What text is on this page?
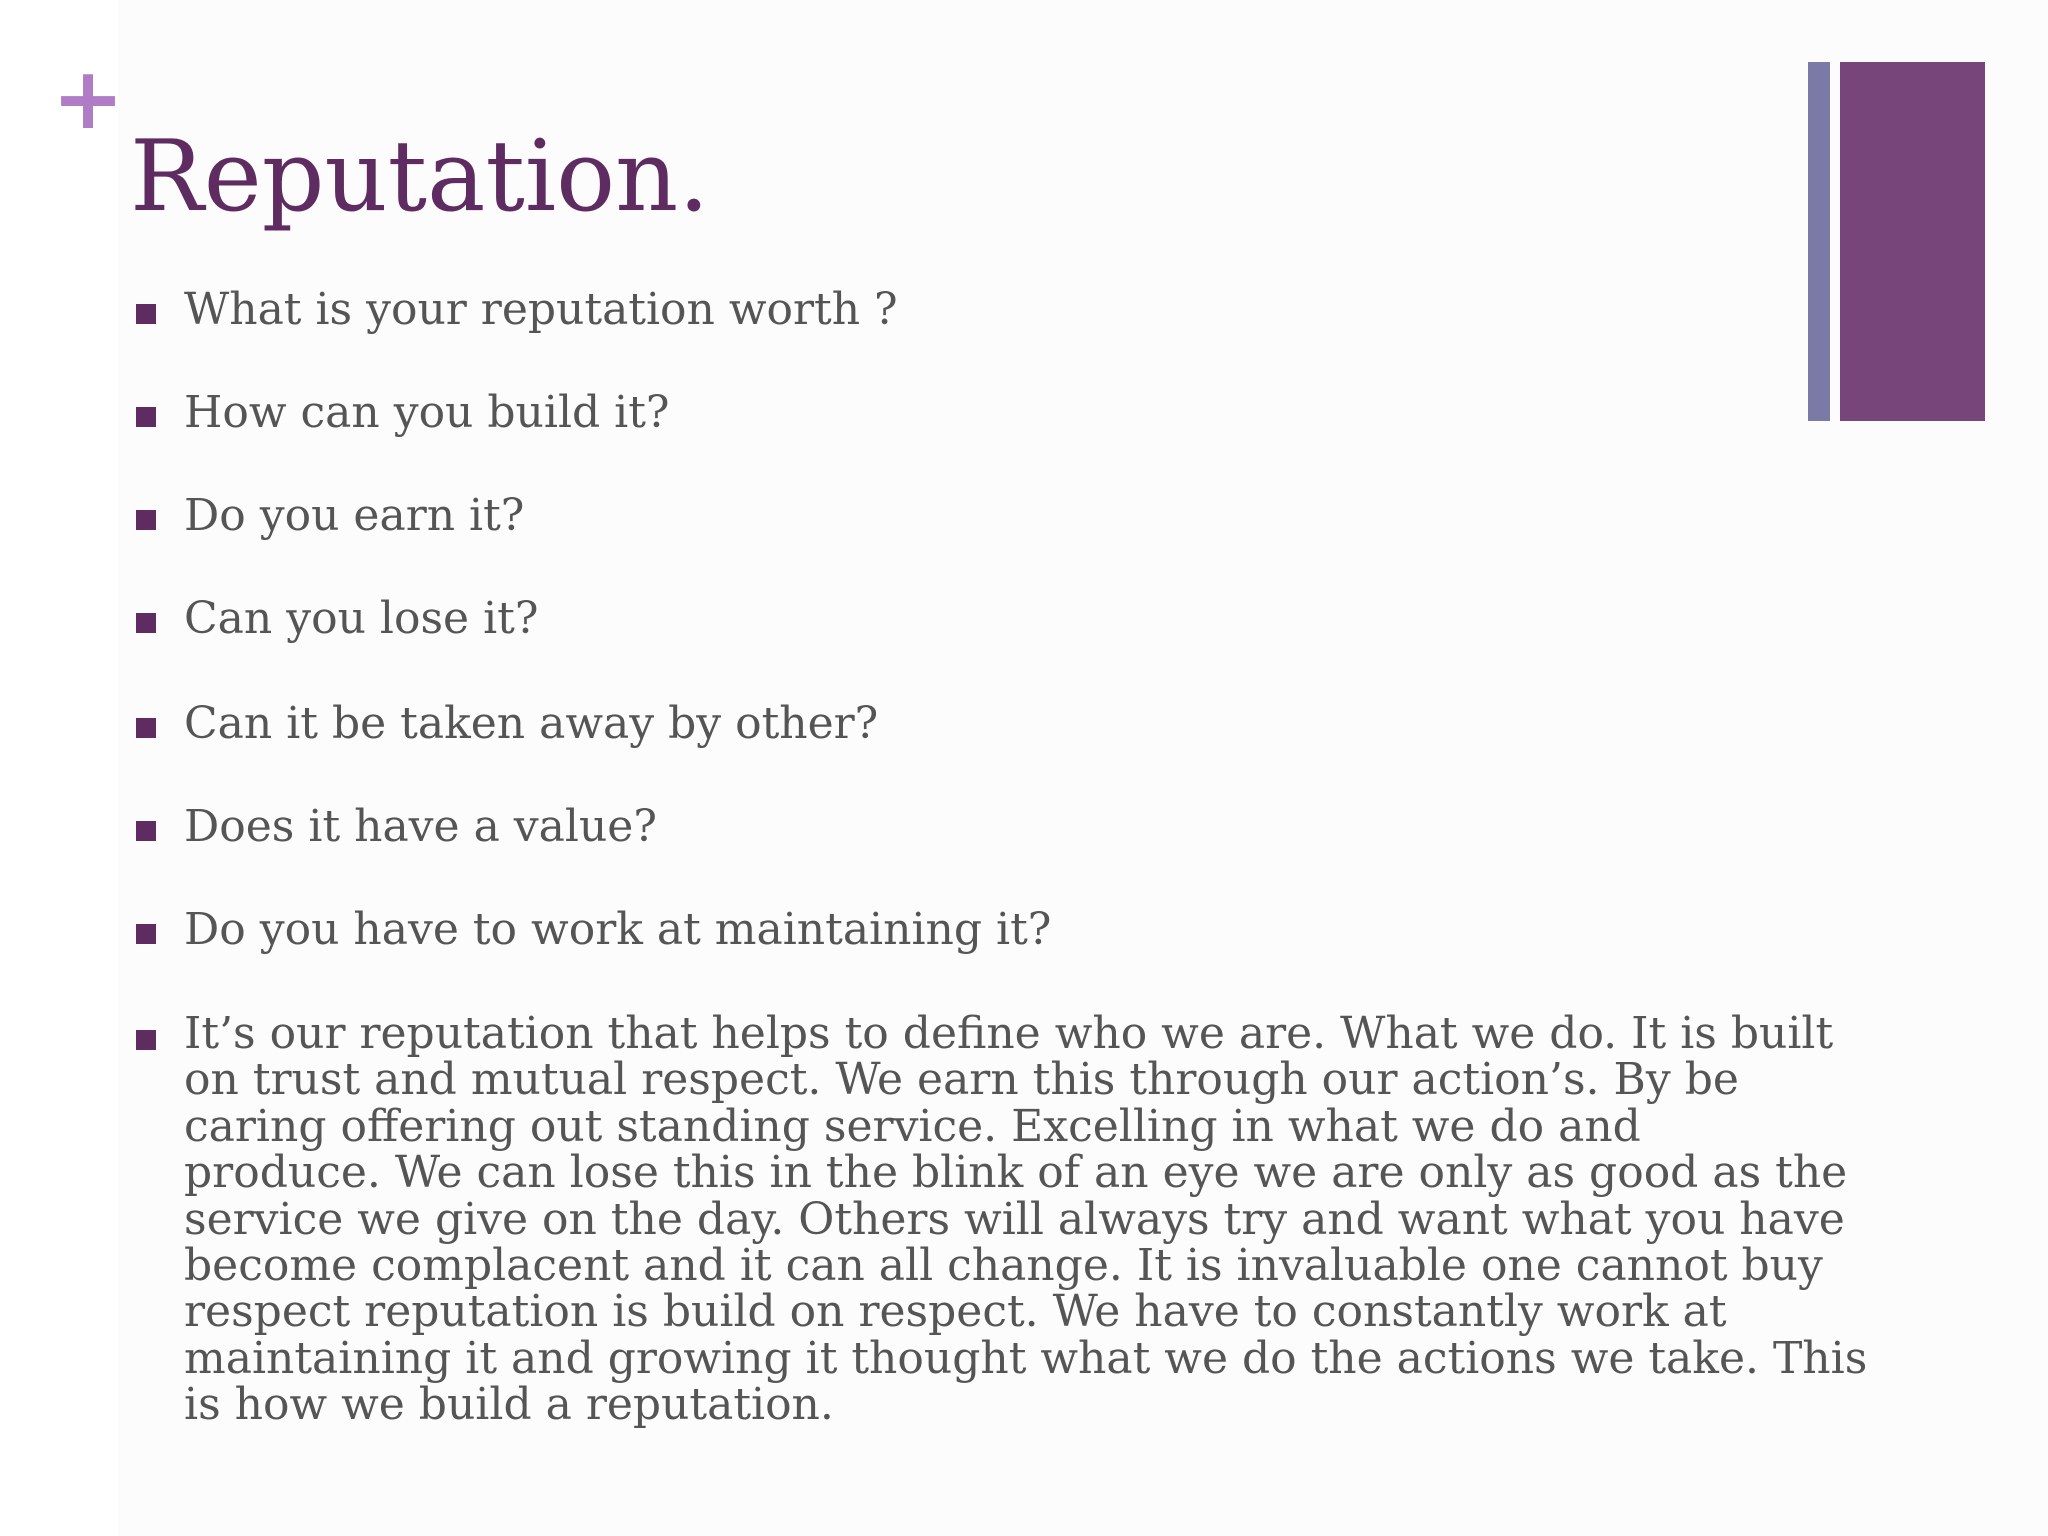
+
Reputation.
What is your reputation worth ?
How can you build it?
Do you earn it?
Can you lose it?
Can it be taken away by other?
Does it have a value?
Do you have to work at maintaining it?
It’s our reputation that helps to define who we are. What we do. It is built
on trust and mutual respect. We earn this through our action’s. By be
caring offering out standing service. Excelling in what we do and
produce. We can lose this in the blink of an eye we are only as good as the
service we give on the day. Others will always try and want what you have
become complacent and it can all change. It is invaluable one cannot buy
respect reputation is build on respect. We have to constantly work at
maintaining it and growing it thought what we do the actions we take. This
is how we build a reputation.
